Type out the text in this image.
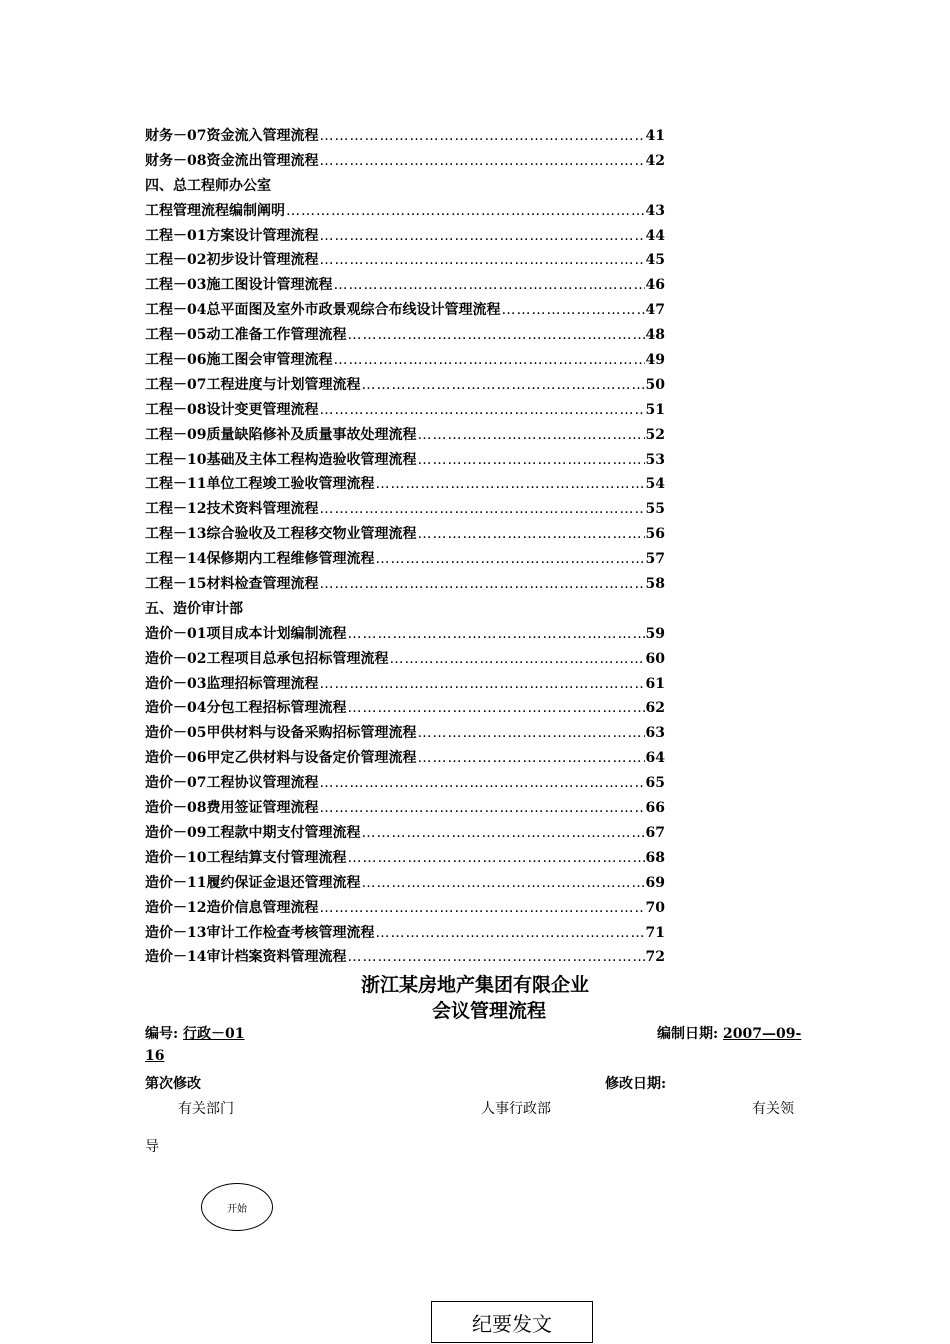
财务－07 资金流入管理流程 …………………………………………………………………………………………………………………………………………	41
财务－08 资金流出管理流程 …………………………………………………………………………………………………………………………………………	42
四、总工程师办公室
工程管理流程编制阐明 …………………………………………………………………………………………………………………………………………	43
工程－01 方案设计管理流程 …………………………………………………………………………………………………………………………………………	44
工程－02 初步设计管理流程 …………………………………………………………………………………………………………………………………………	45
工程－03 施工图设计管理流程 …………………………………………………………………………………………………………………………………………	46
工程－04 总平面图及室外市政景观综合布线设计管理流程 …………………………………………………………………………………………………………………………………………	47
工程－05 动工准备工作管理流程 …………………………………………………………………………………………………………………………………………	48
工程－06 施工图会审管理流程 …………………………………………………………………………………………………………………………………………	49
工程－07 工程进度与计划管理流程 …………………………………………………………………………………………………………………………………………	50
工程－08 设计变更管理流程 …………………………………………………………………………………………………………………………………………	51
工程－09 质量缺陷修补及质量事故处理流程 …………………………………………………………………………………………………………………………………………	52
工程－10 基础及主体工程构造验收管理流程 …………………………………………………………………………………………………………………………………………	53
工程－11 单位工程竣工验收管理流程 …………………………………………………………………………………………………………………………………………	54
工程－12 技术资料管理流程 …………………………………………………………………………………………………………………………………………	55
工程－13 综合验收及工程移交物业管理流程 …………………………………………………………………………………………………………………………………………	56
工程－14 保修期内工程维修管理流程 …………………………………………………………………………………………………………………………………………	57
工程－15 材料检查管理流程 …………………………………………………………………………………………………………………………………………	58
五、造价审计部
造价－01 项目成本计划编制流程 …………………………………………………………………………………………………………………………………………	59
造价－02 工程项目总承包招标管理流程 …………………………………………………………………………………………………………………………………………	60
造价－03 监理招标管理流程 …………………………………………………………………………………………………………………………………………	61
造价－04 分包工程招标管理流程 …………………………………………………………………………………………………………………………………………	62
造价－05 甲供材料与设备采购招标管理流程 …………………………………………………………………………………………………………………………………………	63
造价－06 甲定乙供材料与设备定价管理流程 …………………………………………………………………………………………………………………………………………	64
造价－07 工程协议管理流程 …………………………………………………………………………………………………………………………………………	65
造价－08 费用签证管理流程 …………………………………………………………………………………………………………………………………………	66
造价－09 工程款中期支付管理流程 …………………………………………………………………………………………………………………………………………	67
造价－10 工程结算支付管理流程 …………………………………………………………………………………………………………………………………………	68
造价－11 履约保证金退还管理流程 …………………………………………………………………………………………………………………………………………	69
造价－12 造价信息管理流程 …………………………………………………………………………………………………………………………………………	70
造价－13 审计工作检查考核管理流程 …………………………………………………………………………………………………………………………………………	71
造价－14 审计档案资料管理流程 …………………………………………………………………………………………………………………………………………	72
浙江某房地产集团有限企业
会议管理流程
编号: 行政－01	编制日期: 2007—09-
16
第次修改	修改日期:
有关部门	人事行政部	有关领
导
开始
纪要发文
